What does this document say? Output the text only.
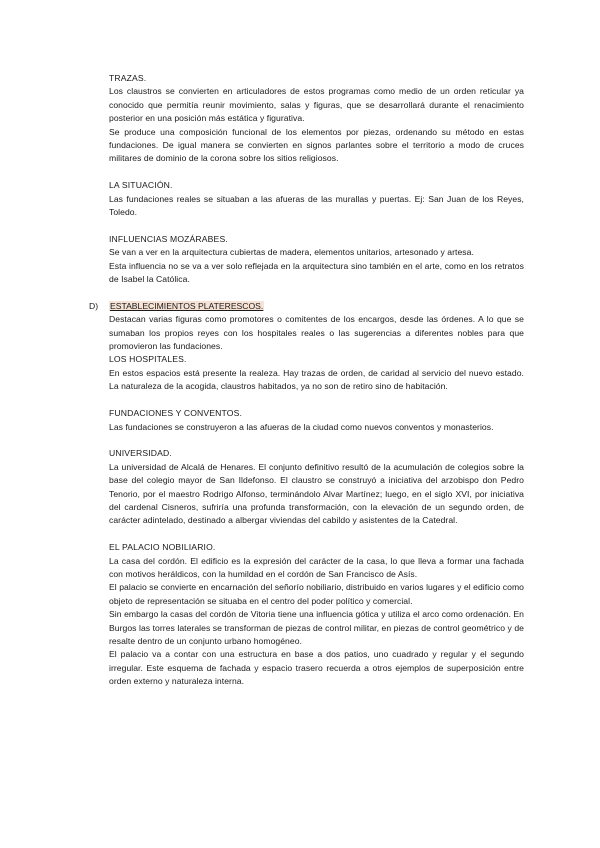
TRAZAS.

Los claustros se convierten en articuladores de estos programas como medio de un orden reticular ya conocido que permitía reunir movimiento, salas y figuras, que se desarrollará durante el renacimiento posterior en una posición más estática y figurativa.

Se produce una composición funcional de los elementos por piezas, ordenando su método en estas fundaciones. De igual manera se convierten en signos parlantes sobre el territorio a modo de cruces militares de dominio de la corona sobre los sitios religiosos.

LA SITUACIÓN.

Las fundaciones reales se situaban a las afueras de las murallas y puertas. Ej: San Juan de los Reyes, Toledo.

INFLUENCIAS MOZÁRABES.

Se van a ver en la arquitectura cubiertas de madera, elementos unitarios, artesonado y artesa.

Esta influencia no se va a ver solo reflejada en la arquitectura sino también en el arte, como en los retratos de Isabel la Católica.

D) ESTABLECIMIENTOS PLATERESCOS.

Destacan varias figuras como promotores o comitentes de los encargos, desde las órdenes. A lo que se sumaban los propios reyes con los hospitales reales o las sugerencias a diferentes nobles para que promovieron las fundaciones.

LOS HOSPITALES.

En estos espacios está presente la realeza. Hay trazas de orden, de caridad al servicio del nuevo estado. La naturaleza de la acogida, claustros habitados, ya no son de retiro sino de habitación.

FUNDACIONES Y CONVENTOS.

Las fundaciones se construyeron a las afueras de la ciudad como nuevos conventos y monasterios.

UNIVERSIDAD.

La universidad de Alcalá de Henares. El conjunto definitivo resultó de la acumulación de colegios sobre la base del colegio mayor de San Ildefonso. El claustro se construyó a iniciativa del arzobispo don Pedro Tenorio, por el maestro Rodrigo Alfonso, terminándolo Alvar Martínez; luego, en el siglo XVI, por iniciativa del cardenal Cisneros, sufriría una profunda transformación, con la elevación de un segundo orden, de carácter adintelado, destinado a albergar viviendas del cabildo y asistentes de la Catedral.

EL PALACIO NOBILIARIO.

La casa del cordón. El edificio es la expresión del carácter de la casa, lo que lleva a formar una fachada con motivos heráldicos, con la humildad en el cordón de San Francisco de Asís.

El palacio se convierte en encarnación del señorío nobiliario, distribuido en varios lugares y el edificio como objeto de representación se situaba en el centro del poder político y comercial.

Sin embargo la casas del cordón de Vitoria tiene una influencia gótica y utiliza el arco como ordenación. En Burgos las torres laterales se transforman de piezas de control militar, en piezas de control geométrico y de resalte dentro de un conjunto urbano homogéneo.

El palacio va a contar con una estructura en base a dos patios, uno cuadrado y regular y el segundo irregular. Este esquema de fachada y espacio trasero recuerda a otros ejemplos de superposición entre orden externo y naturaleza interna.
